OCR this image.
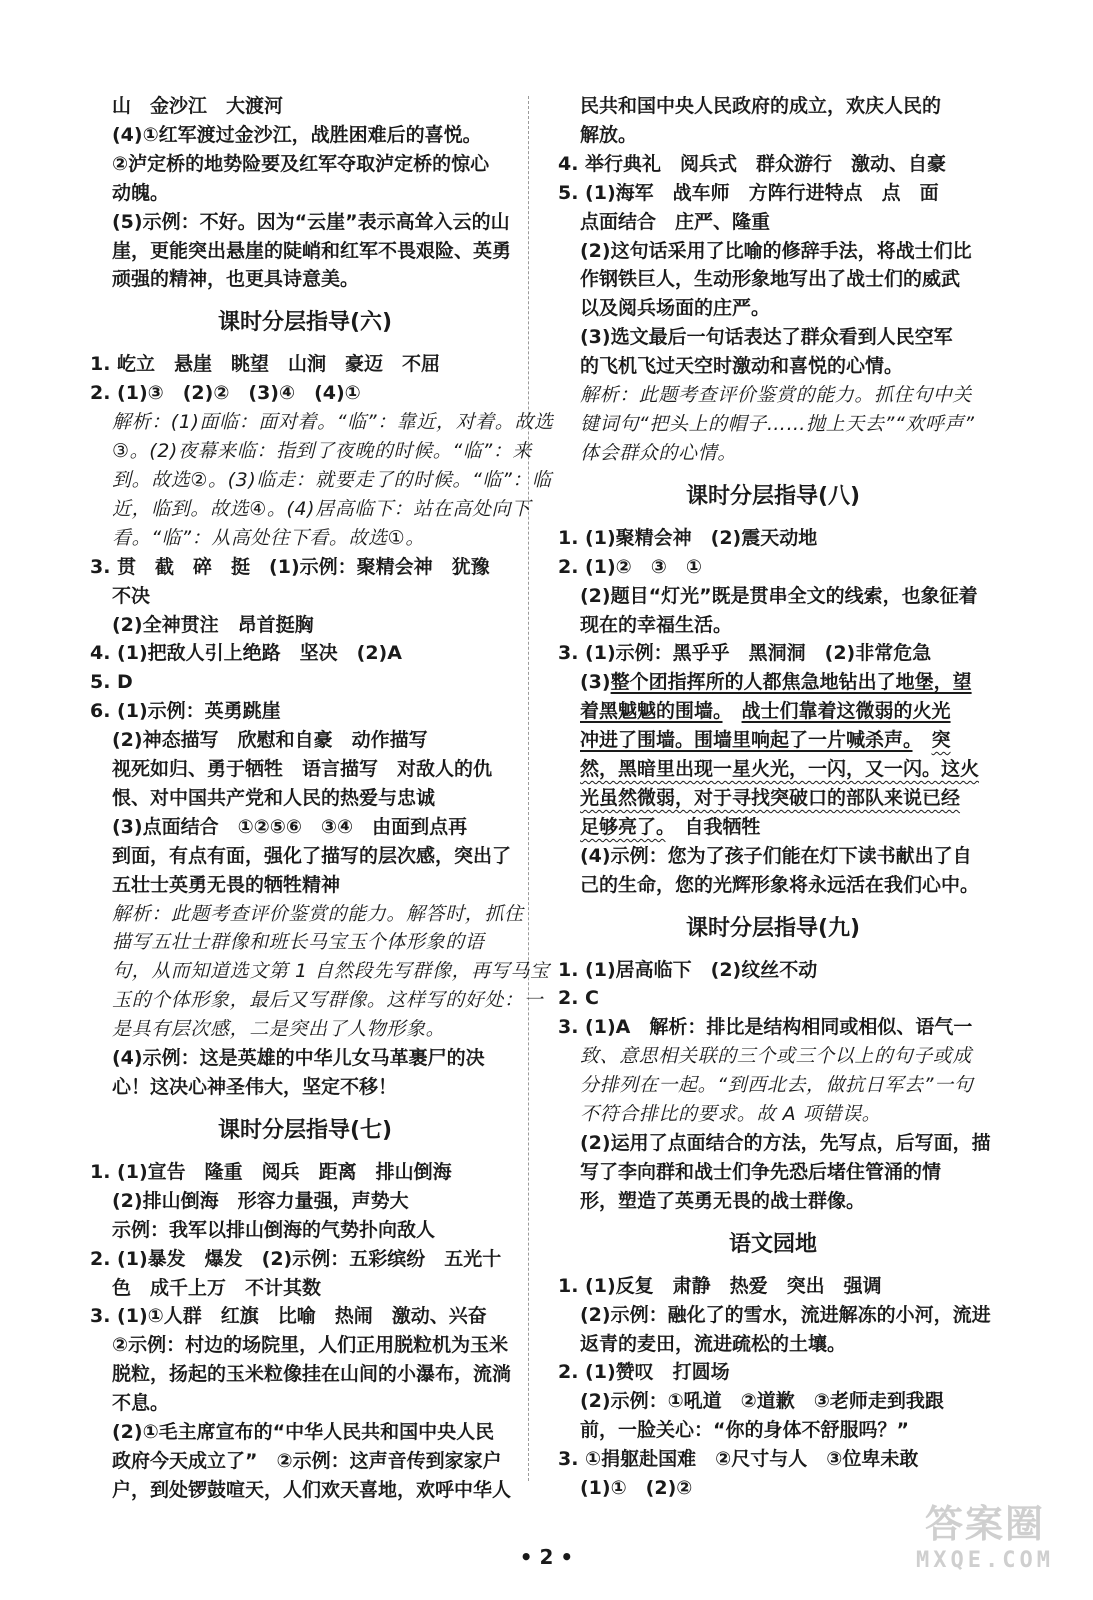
山　金沙江　大渡河
(4)①红军渡过金沙江，战胜困难后的喜悦。
②泸定桥的地势险要及红军夺取泸定桥的惊心
动魄。
(5)示例：不好。因为“云崖”表示高耸入云的山
崖，更能突出悬崖的陡峭和红军不畏艰险、英勇
顽强的精神，也更具诗意美。
课时分层指导(六)
1. 屹立　悬崖　眺望　山涧　豪迈　不屈
2. (1)③　(2)②　(3)④　(4)①
解析：(1)面临：面对着。“临”：靠近，对着。故选
③。(2)夜幕来临：指到了夜晚的时候。“临”：来
到。故选②。(3)临走：就要走了的时候。“临”：临
近，临到。故选④。(4)居高临下：站在高处向下
看。“临”：从高处往下看。故选①。
3. 贯　截　碎　挺　(1)示例：聚精会神　犹豫
不决
(2)全神贯注　昂首挺胸
4. (1)把敌人引上绝路　坚决　(2)A
5. D
6. (1)示例：英勇跳崖
(2)神态描写　欣慰和自豪　动作描写
视死如归、勇于牺牲　语言描写　对敌人的仇
恨、对中国共产党和人民的热爱与忠诚
(3)点面结合　①②⑤⑥　③④　由面到点再
到面，有点有面，强化了描写的层次感，突出了
五壮士英勇无畏的牺牲精神
解析：此题考查评价鉴赏的能力。解答时，抓住
描写五壮士群像和班长马宝玉个体形象的语
句，从而知道选文第 1 自然段先写群像，再写马宝
玉的个体形象，最后又写群像。这样写的好处：一
是具有层次感，二是突出了人物形象。
(4)示例：这是英雄的中华儿女马革裹尸的决
心！这决心神圣伟大，坚定不移！
课时分层指导(七)
1. (1)宣告　隆重　阅兵　距离　排山倒海
(2)排山倒海　形容力量强，声势大
示例：我军以排山倒海的气势扑向敌人
2. (1)暴发　爆发　(2)示例：五彩缤纷　五光十
色　成千上万　不计其数
3. (1)①人群　红旗　比喻　热闹　激动、兴奋
②示例：村边的场院里，人们正用脱粒机为玉米
脱粒，扬起的玉米粒像挂在山间的小瀑布，流淌
不息。
(2)①毛主席宣布的“中华人民共和国中央人民
政府今天成立了”　②示例：这声音传到家家户
户，到处锣鼓喧天，人们欢天喜地，欢呼中华人
民共和国中央人民政府的成立，欢庆人民的
解放。
4. 举行典礼　阅兵式　群众游行　激动、自豪
5. (1)海军　战车师　方阵行进特点　点　面
点面结合　庄严、隆重
(2)这句话采用了比喻的修辞手法，将战士们比
作钢铁巨人，生动形象地写出了战士们的威武
以及阅兵场面的庄严。
(3)选文最后一句话表达了群众看到人民空军
的飞机飞过天空时激动和喜悦的心情。
解析：此题考查评价鉴赏的能力。抓住句中关
键词句“把头上的帽子……抛上天去”“欢呼声”
体会群众的心情。
课时分层指导(八)
1. (1)聚精会神　(2)震天动地
2. (1)②　③　①
(2)题目“灯光”既是贯串全文的线索，也象征着
现在的幸福生活。
3. (1)示例：黑乎乎　黑洞洞　(2)非常危急
(3)整个团指挥所的人都焦急地钻出了地堡，望
着黑魆魆的围墙。　 战士们靠着这微弱的火光
冲进了围墙。围墙里响起了一片喊杀声。　 突
然，黑暗里出现一星火光，一闪，又一闪。这火
光虽然微弱，对于寻找突破口的部队来说已经
足够亮了。　 自我牺牲
(4)示例：您为了孩子们能在灯下读书献出了自
己的生命，您的光辉形象将永远活在我们心中。
课时分层指导(九)
1. (1)居高临下　(2)纹丝不动
2. C
3. (1)A　解析：排比是结构相同或相似、语气一
致、意思相关联的三个或三个以上的句子或成
分排列在一起。“到西北去，做抗日军去”一句
不符合排比的要求。故 A 项错误。
(2)运用了点面结合的方法，先写点，后写面，描
写了李向群和战士们争先恐后堵住管涌的情
形，塑造了英勇无畏的战士群像。
语文园地
1. (1)反复　肃静　热爱　突出　强调
(2)示例：融化了的雪水，流进解冻的小河，流进
返青的麦田，流进疏松的土壤。
2. (1)赞叹　打圆场
(2)示例：①吼道　②道歉　③老师走到我跟
前，一脸关心：“你的身体不舒服吗？”
3. ①捐躯赴国难　②尺寸与人　③位卑未敢
(1)①　(2)②
• 2 •
答案圈
MXQE.COM
